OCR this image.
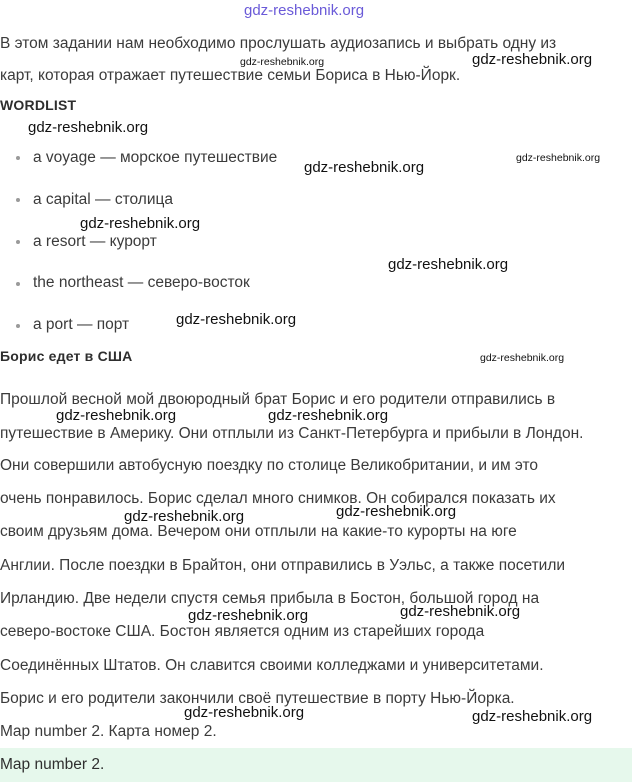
gdz-reshebnik.org
В этом задании нам необходимо прослушать аудиозапись и выбрать одну из
карт, которая отражает путешествие семьи Бориса в Нью-Йорк.
WORDLIST
a voyage — морское путешествие
a capital — столица
a resort — курорт
the northeast — северо-восток
a port — порт
Борис едет в США
Прошлой весной мой двоюродный брат Борис и его родители отправились в
путешествие в Америку. Они отплыли из Санкт-Петербурга и прибыли в Лондон.
Они совершили автобусную поездку по столице Великобритании, и им это
очень понравилось. Борис сделал много снимков. Он собирался показать их
своим друзьям дома. Вечером они отплыли на какие-то курорты на юге
Англии. После поездки в Брайтон, они отправились в Уэльс, а также посетили
Ирландию. Две недели спустя семья прибыла в Бостон, большой город на
северо-востоке США. Бостон является одним из старейших города
Соединённых Штатов. Он славится своими колледжами и университетами.
Борис и его родители закончили своё путешествие в порту Нью-Йорка.
Map number 2. Карта номер 2.
Map number 2.
gdz-reshebnik.org	gdz-reshebnik.org
gdz-reshebnik.org
gdz-reshebnik.org
gdz-reshebnik.org
gdz-reshebnik.org
gdz-reshebnik.org
gdz-reshebnik.org
gdz-reshebnik.org
gdz-reshebnik.org	gdz-reshebnik.org
gdz-reshebnik.org	gdz-reshebnik.org
gdz-reshebnik.org
gdz-reshebnik.org
gdz-reshebnik.org	gdz-reshebnik.org
